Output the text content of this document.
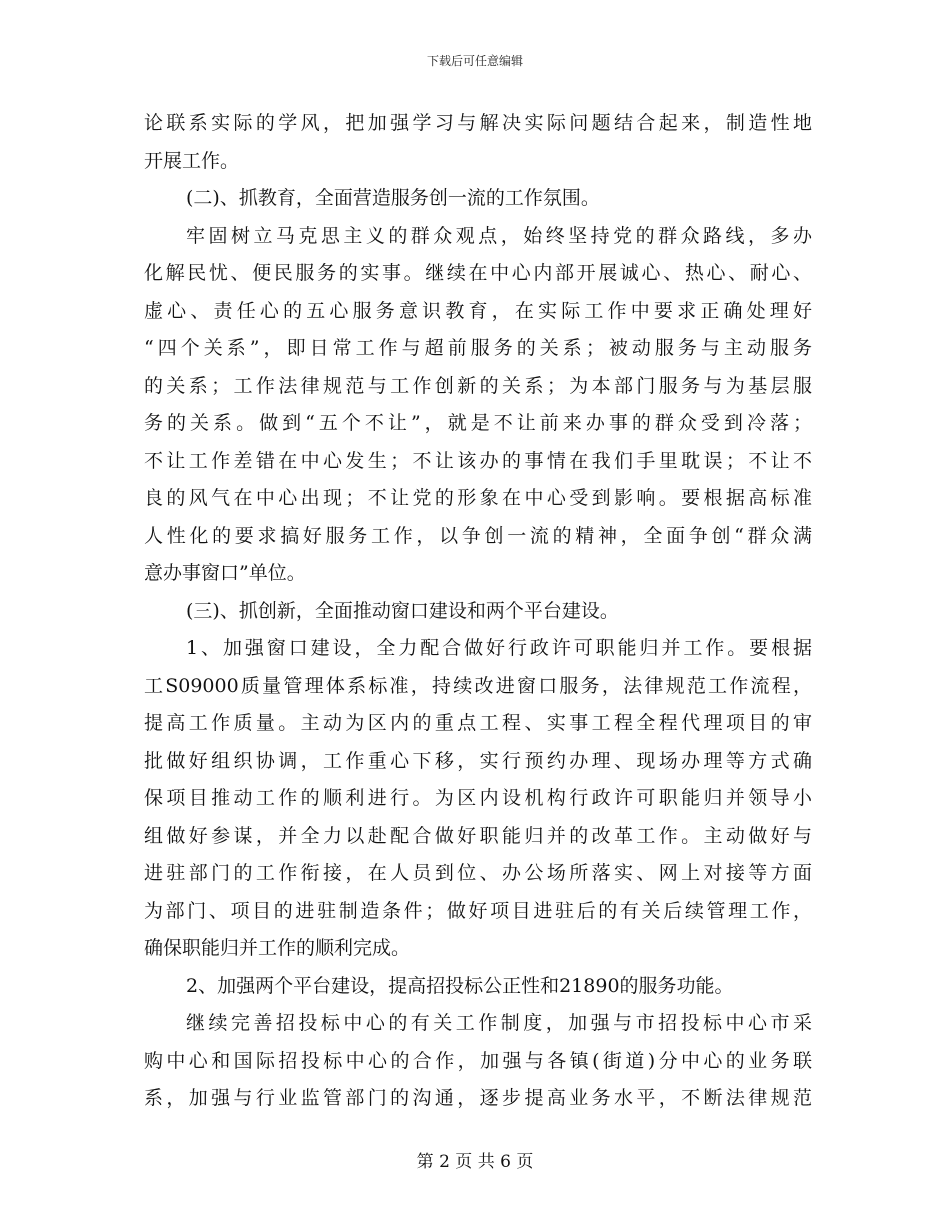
下载后可任意编辑
论联系实际的学风，把加强学习与解决实际问题结合起来，制造性地
开展工作。
(二)、抓教育，全面营造服务创一流的工作氛围。
牢固树立马克思主义的群众观点，始终坚持党的群众路线，多办
化解民忧、便民服务的实事。继续在中心内部开展诚心、热心、耐心、
虚心、责任心的五心服务意识教育，在实际工作中要求正确处理好
“四个关系”，即日常工作与超前服务的关系；被动服务与主动服务
的关系；工作法律规范与工作创新的关系；为本部门服务与为基层服
务的关系。做到“五个不让”，就是不让前来办事的群众受到冷落；
不让工作差错在中心发生；不让该办的事情在我们手里耽误；不让不
良的风气在中心出现；不让党的形象在中心受到影响。要根据高标准
人性化的要求搞好服务工作，以争创一流的精神，全面争创“群众满
意办事窗口”单位。
(三)、抓创新，全面推动窗口建设和两个平台建设。
1、加强窗口建设，全力配合做好行政许可职能归并工作。要根据
工S09000质量管理体系标准，持续改进窗口服务，法律规范工作流程，
提高工作质量。主动为区内的重点工程、实事工程全程代理项目的审
批做好组织协调，工作重心下移，实行预约办理、现场办理等方式确
保项目推动工作的顺利进行。为区内设机构行政许可职能归并领导小
组做好参谋，并全力以赴配合做好职能归并的改革工作。主动做好与
进驻部门的工作衔接，在人员到位、办公场所落实、网上对接等方面
为部门、项目的进驻制造条件；做好项目进驻后的有关后续管理工作，
确保职能归并工作的顺利完成。
2、加强两个平台建设，提高招投标公正性和21890的服务功能。
继续完善招投标中心的有关工作制度，加强与市招投标中心市采
购中心和国际招投标中心的合作，加强与各镇(街道)分中心的业务联
系，加强与行业监管部门的沟通，逐步提高业务水平，不断法律规范
第 2 页 共 6 页
